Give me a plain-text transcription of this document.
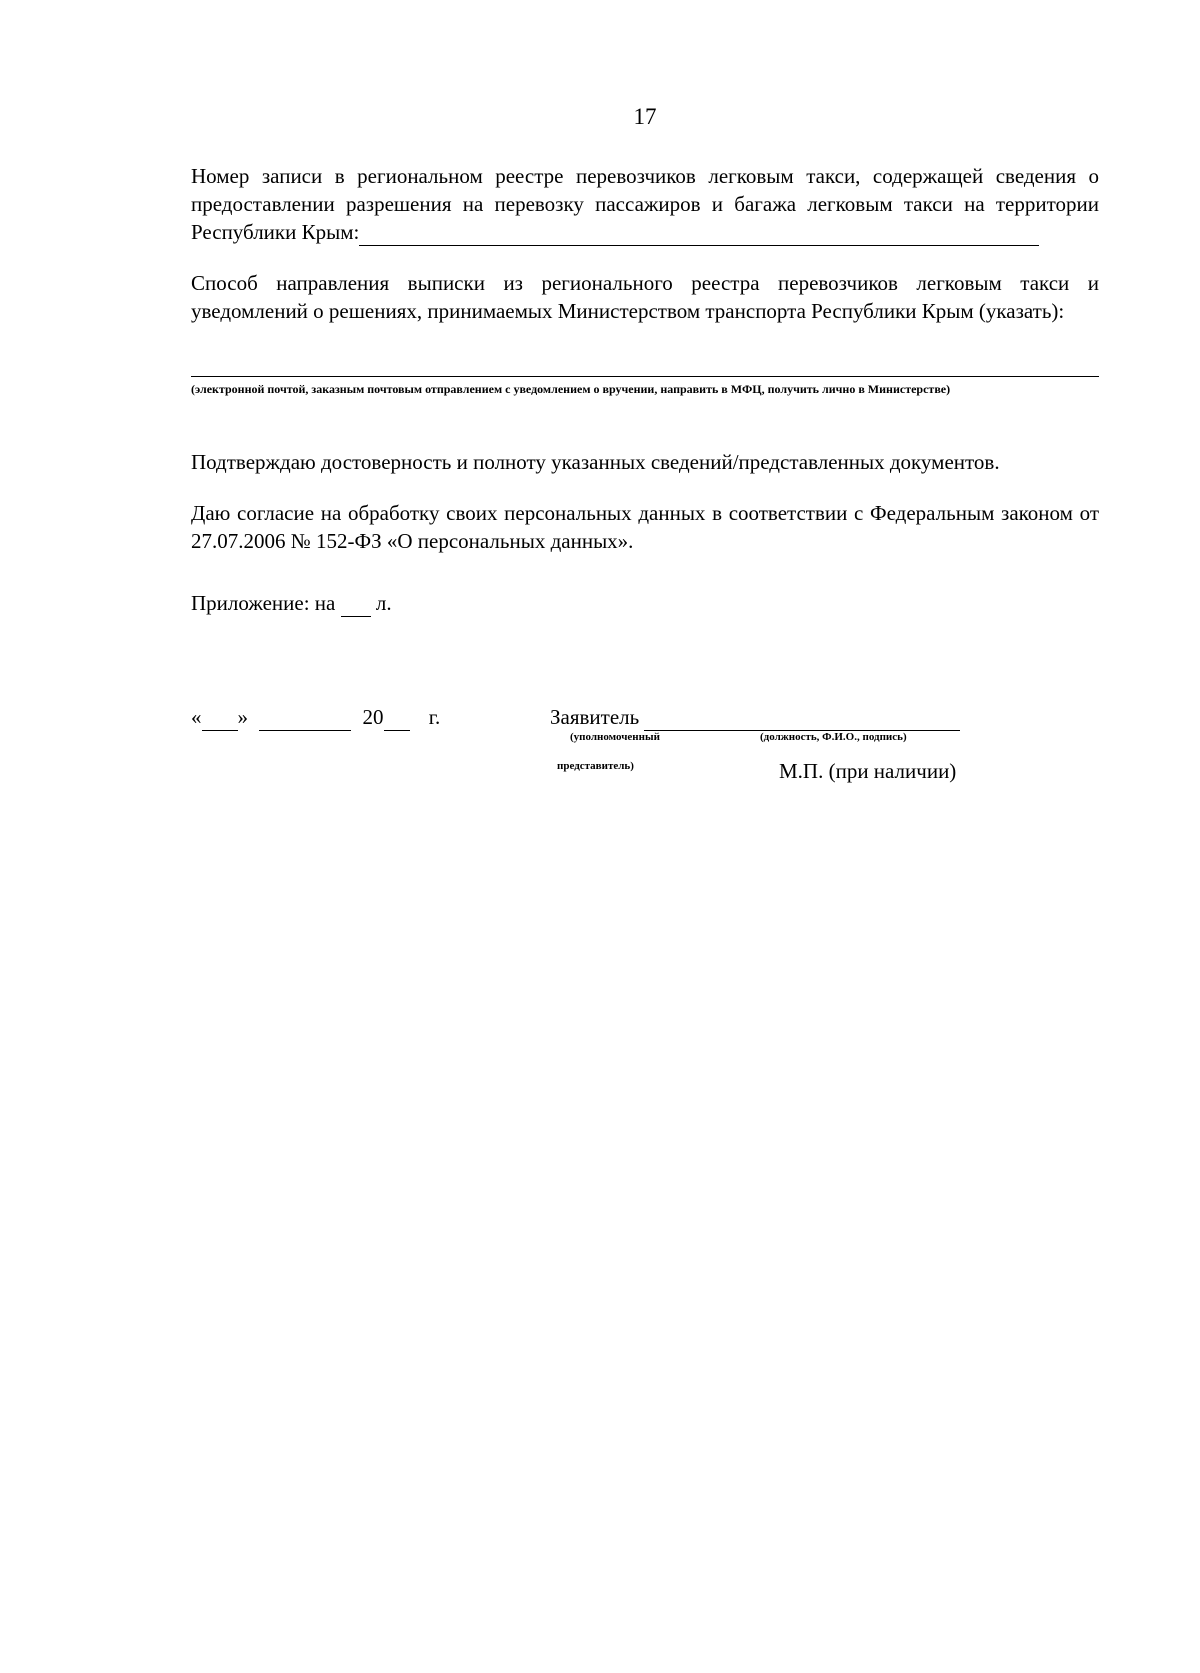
17
Номер записи в региональном реестре перевозчиков легковым такси, содержащей сведения о предоставлении разрешения на перевозку пассажиров и багажа легковым такси на территории Республики Крым:
Способ направления выписки из регионального реестра перевозчиков легковым такси и уведомлений о решениях, принимаемых Министерством транспорта Республики Крым (указать):
(электронной почтой, заказным почтовым отправлением с уведомлением о вручении, направить в МФЦ, получить лично в Министерстве)
Подтверждаю достоверность и полноту указанных сведений/представленных документов.
Даю согласие на обработку своих персональных данных в соответствии с Федеральным законом от 27.07.2006 № 152-ФЗ «О персональных данных».
Приложение: на л.
« »	20 г.	Заявитель
(уполномоченный	(должность, Ф.И.О., подпись)
представитель)	М.П. (при наличии)
